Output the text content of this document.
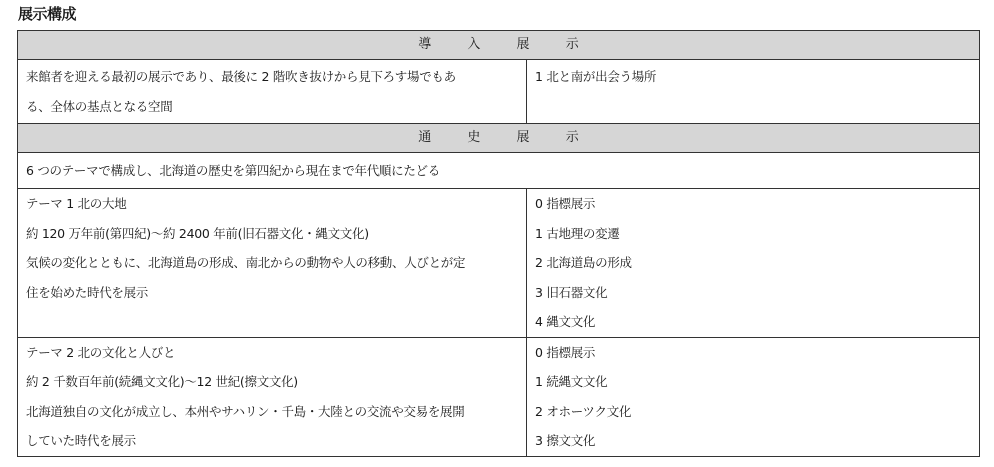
展示構成
導 入 展 示	

来館者を迎える最初の展示であり、最後に 2 階吹き抜けから見下ろす場でもあ
る、全体の基点となる空間	1 北と南が出会う場所

通 史 展 示	
6 つのテーマで構成し、北海道の歴史を第四紀から現在まで年代順にたどる	

テーマ 1 北の大地
約 120 万年前(第四紀)～約 2400 年前(旧石器文化・縄文文化)
気候の変化とともに、北海道島の形成、南北からの動物や人の移動、人びとが定
住を始めた時代を展示	0 指標展示
1 古地理の変遷
2 北海道島の形成
3 旧石器文化
4 縄文文化

テーマ 2 北の文化と人びと
約 2 千数百年前(続縄文文化)～12 世紀(擦文文化)
北海道独自の文化が成立し、本州やサハリン・千島・大陸との交流や交易を展開
していた時代を展示	0 指標展示
1 続縄文文化
2 オホーツク文化
3 擦文文化
